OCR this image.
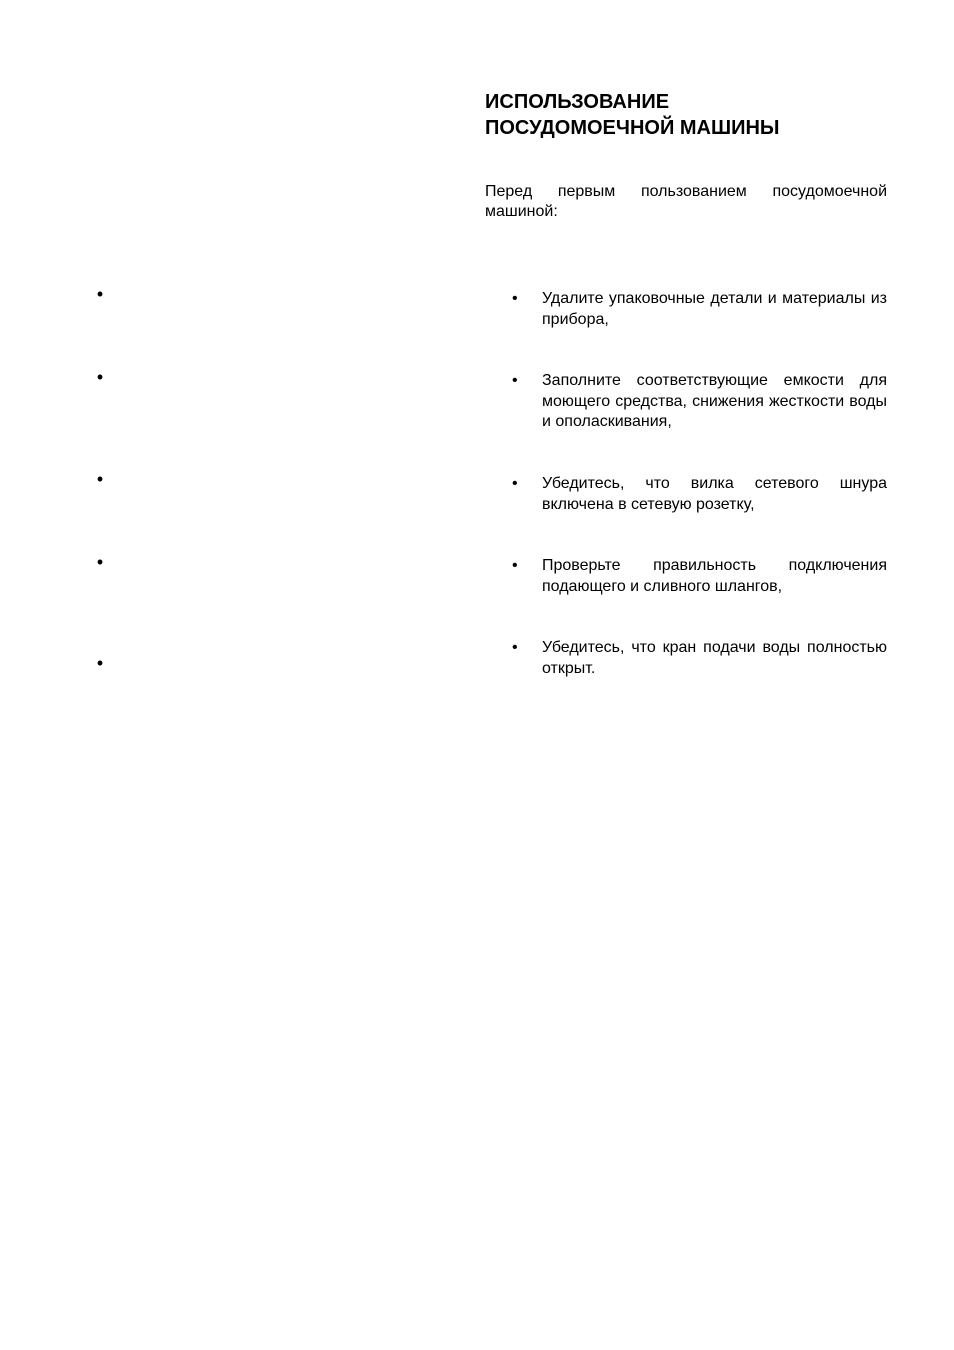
•
•
•
•
•
ИСПОЛЬЗОВАНИЕ
ПОСУДОМОЕЧНОЙ МАШИНЫ
Перед первым пользованием посудомоечной машиной:
• Удалите упаковочные детали и материалы из прибора,
• Заполните соответствующие емкости для моющего средства, снижения жесткости воды и ополаскивания,
• Убедитесь, что вилка сетевого шнура включена в сетевую розетку,
• Проверьте правильность подключения подающего и сливного шлангов,
• Убедитесь, что кран подачи воды полностью открыт.
